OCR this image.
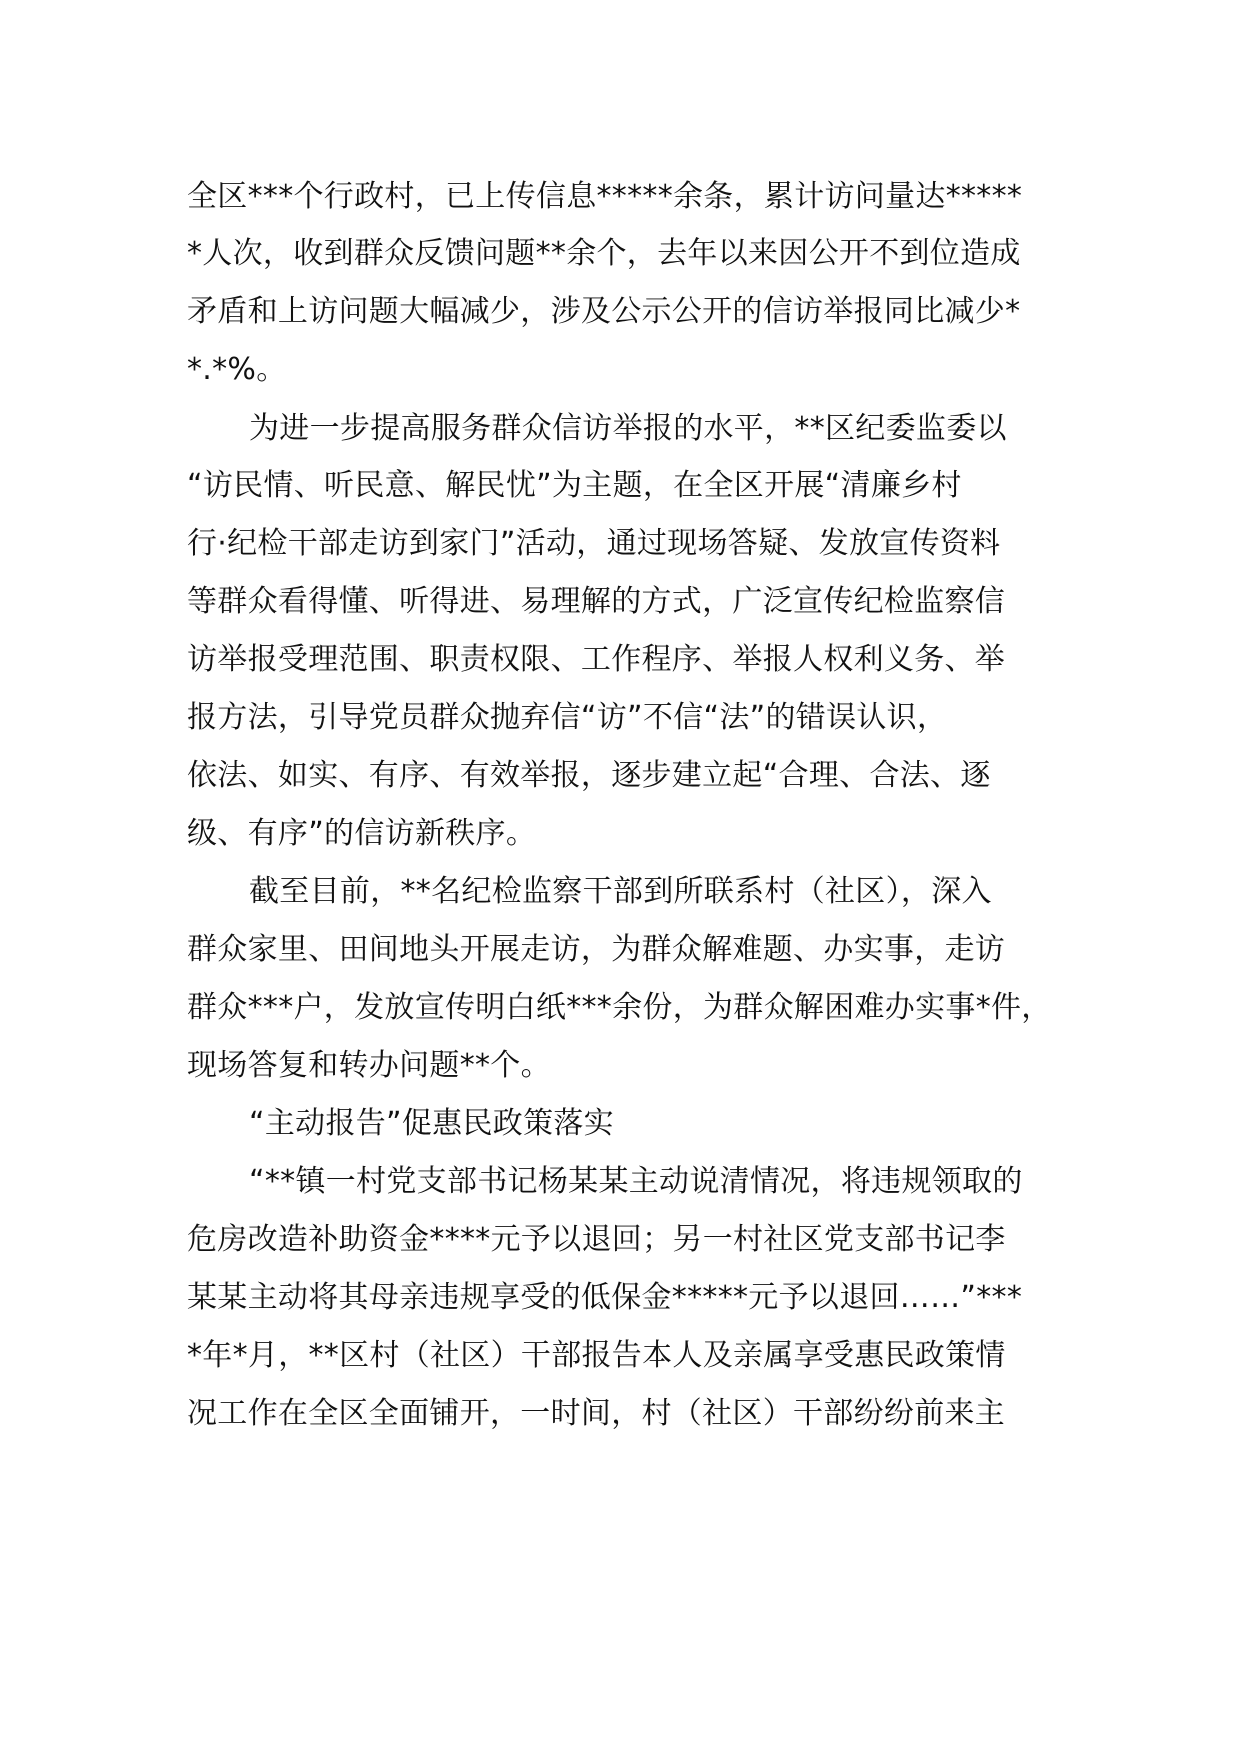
全区***个行政村，已上传信息*****余条，累计访问量达*****
*人次，收到群众反馈问题**余个，去年以来因公开不到位造成
矛盾和上访问题大幅减少，涉及公示公开的信访举报同比减少*
*.*%。
为进一步提高服务群众信访举报的水平，**区纪委监委以
“访民情、听民意、解民忧”为主题，在全区开展“清廉乡村
行·纪检干部走访到家门”活动，通过现场答疑、发放宣传资料
等群众看得懂、听得进、易理解的方式，广泛宣传纪检监察信
访举报受理范围、职责权限、工作程序、举报人权利义务、举
报方法，引导党员群众抛弃信“访”不信“法”的错误认识，
依法、如实、有序、有效举报，逐步建立起“合理、合法、逐
级、有序”的信访新秩序。
截至目前，**名纪检监察干部到所联系村（社区），深入
群众家里、田间地头开展走访，为群众解难题、办实事，走访
群众***户，发放宣传明白纸***余份，为群众解困难办实事*件，
现场答复和转办问题**个。
“主动报告”促惠民政策落实
“**镇一村党支部书记杨某某主动说清情况，将违规领取的
危房改造补助资金****元予以退回；另一村社区党支部书记李
某某主动将其母亲违规享受的低保金*****元予以退回……”***
*年*月，**区村（社区）干部报告本人及亲属享受惠民政策情
况工作在全区全面铺开，一时间，村（社区）干部纷纷前来主
